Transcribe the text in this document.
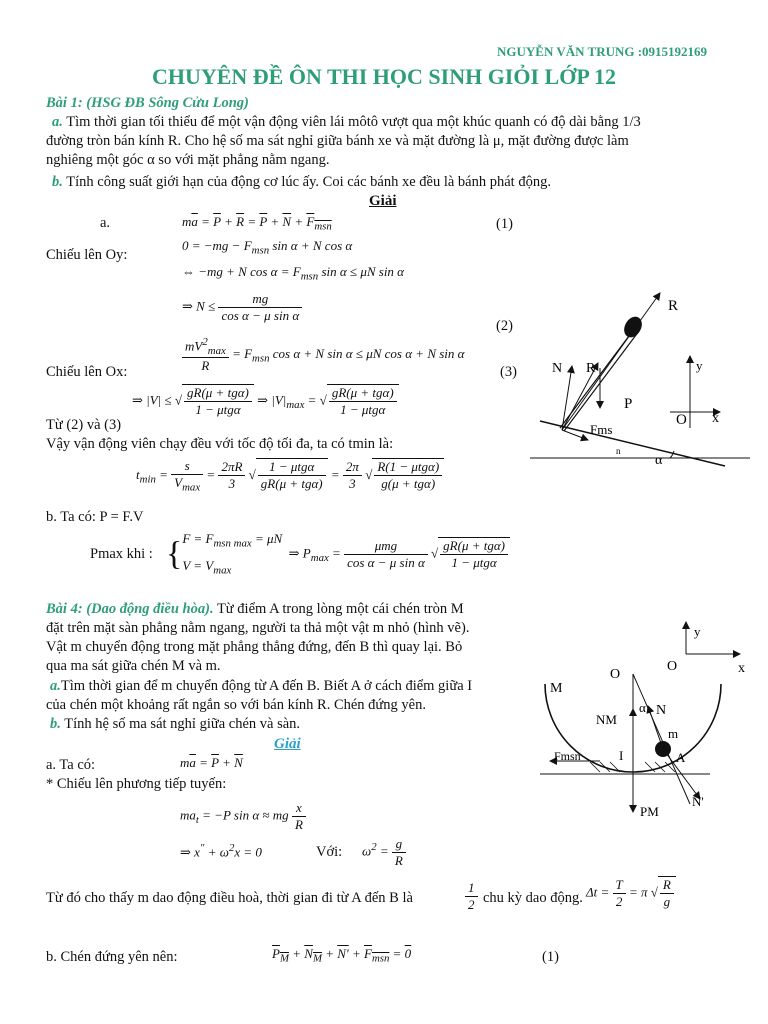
NGUYỄN VĂN TRUNG :0915192169
CHUYÊN ĐỀ ÔN THI HỌC SINH GIỎI LỚP 12
Bài 1: (HSG ĐB Sông Cửu Long)
a. Tìm thời gian tối thiểu để một vận động viên lái môtô vượt qua một khúc quanh có độ dài bằng 1/3
đường tròn bán kính R. Cho hệ số ma sát nghỉ giữa bánh xe và mặt đường là μ, mặt đường được làm
nghiêng một góc α so với mặt phẳng nằm ngang.
b. Tính công suất giới hạn của động cơ lúc ấy. Coi các bánh xe đều là bánh phát động.
Giải
a.	$m\overline{a} = \overline{P} + \overline{R} = \overline{P} + \overline{N} + F_{msn}$	(1)
$0 = -mg - F_{msn}$ sin α + N cos α
Chiếu lên Oy:
⇔ −mg + N $\cos \alpha = F_{msn}$ sin α ≤ μN sin α
⇒ $N \le \frac{mg}{\text{cos α − μ sin α}}$
(2)
$\frac{mV^2_{max}}{R} = F_{msn}$ cos α + N sin α ≤ μN cos α + N sin α
Chiếu lên Ox:	(3)
⇒ |V| ≤ √ $\frac{\text{gR(μ + tgα)}}{\text{1 − μtgα}}$ ⇒ $|V|_{max}$ = √ $\frac{\text{gR(μ + tgα)}}{\text{1 − μtgα}}$
Từ (2) và (3)
Vậy vận động viên chạy đều với tốc độ tối đa, ta có tmin là:
$t_{min} = \frac{s}{V_{max}} = \frac{2\pi R}{3}$ √ $\frac{\text{1 − μtgα}}{\text{gR(μ + tgα)}} = \frac{2\pi}{3}$ √ $\frac{\text{R(1 − μtgα)}}{\text{g(μ + tgα)}}$
b. Ta có: P = F.V
Pmax khi : {$F = F_{msn max} = \mu N$
$V = V_{max}$  ⇒ $P_{max} = \frac{\text{μmg}}{\text{cos α − μ sin α}}$ √ $\frac{\text{gR(μ + tgα)}}{\text{1 − μtgα}}$
R
N R	y
P
O x
Fms
n
α
Bài 4: (Dao động điều hòa). Từ điểm A trong lòng một cái chén tròn M
đặt trên mặt sàn phẳng nằm ngang, người ta thả một vật m nhỏ (hình vẽ).
Vật m chuyển động trong mặt phẳng thẳng đứng, đến B thì quay lại. Bỏ
qua ma sát giữa chén M và m.
a.Tìm thời gian để m chuyển động từ A đến B. Biết A ở cách điểm giữa I
của chén một khoảng rất ngắn so với bán kính R. Chén đứng yên.
b. Tính hệ số ma sát nghỉ giữa chén và sàn.
Giải
a. Ta có:	$m\overline{a} = \overline{P} + \overline{N}$
* Chiếu lên phương tiếp tuyến:
$ma_t = -P$ sin α ≈ mg $\frac{x}{R}$
⇒ $x^" + \omega^2x = 0$	Với: $\omega^2 = \frac{g}{R}$
Từ đó cho thấy m dao động điều hoà, thời gian đi từ A đến B là	$\frac{1}{2}$ chu kỳ dao động. $\Delta t = \frac{T}{2} = \pi$ √ $\frac{R}{g}$
b. Chén đứng yên nên:	$P_M + N_M + N' + F_{msn} = 0$	(1)
y
O
O	x
M
α N
NM
m
I	A
Fmsn
N'
PM
